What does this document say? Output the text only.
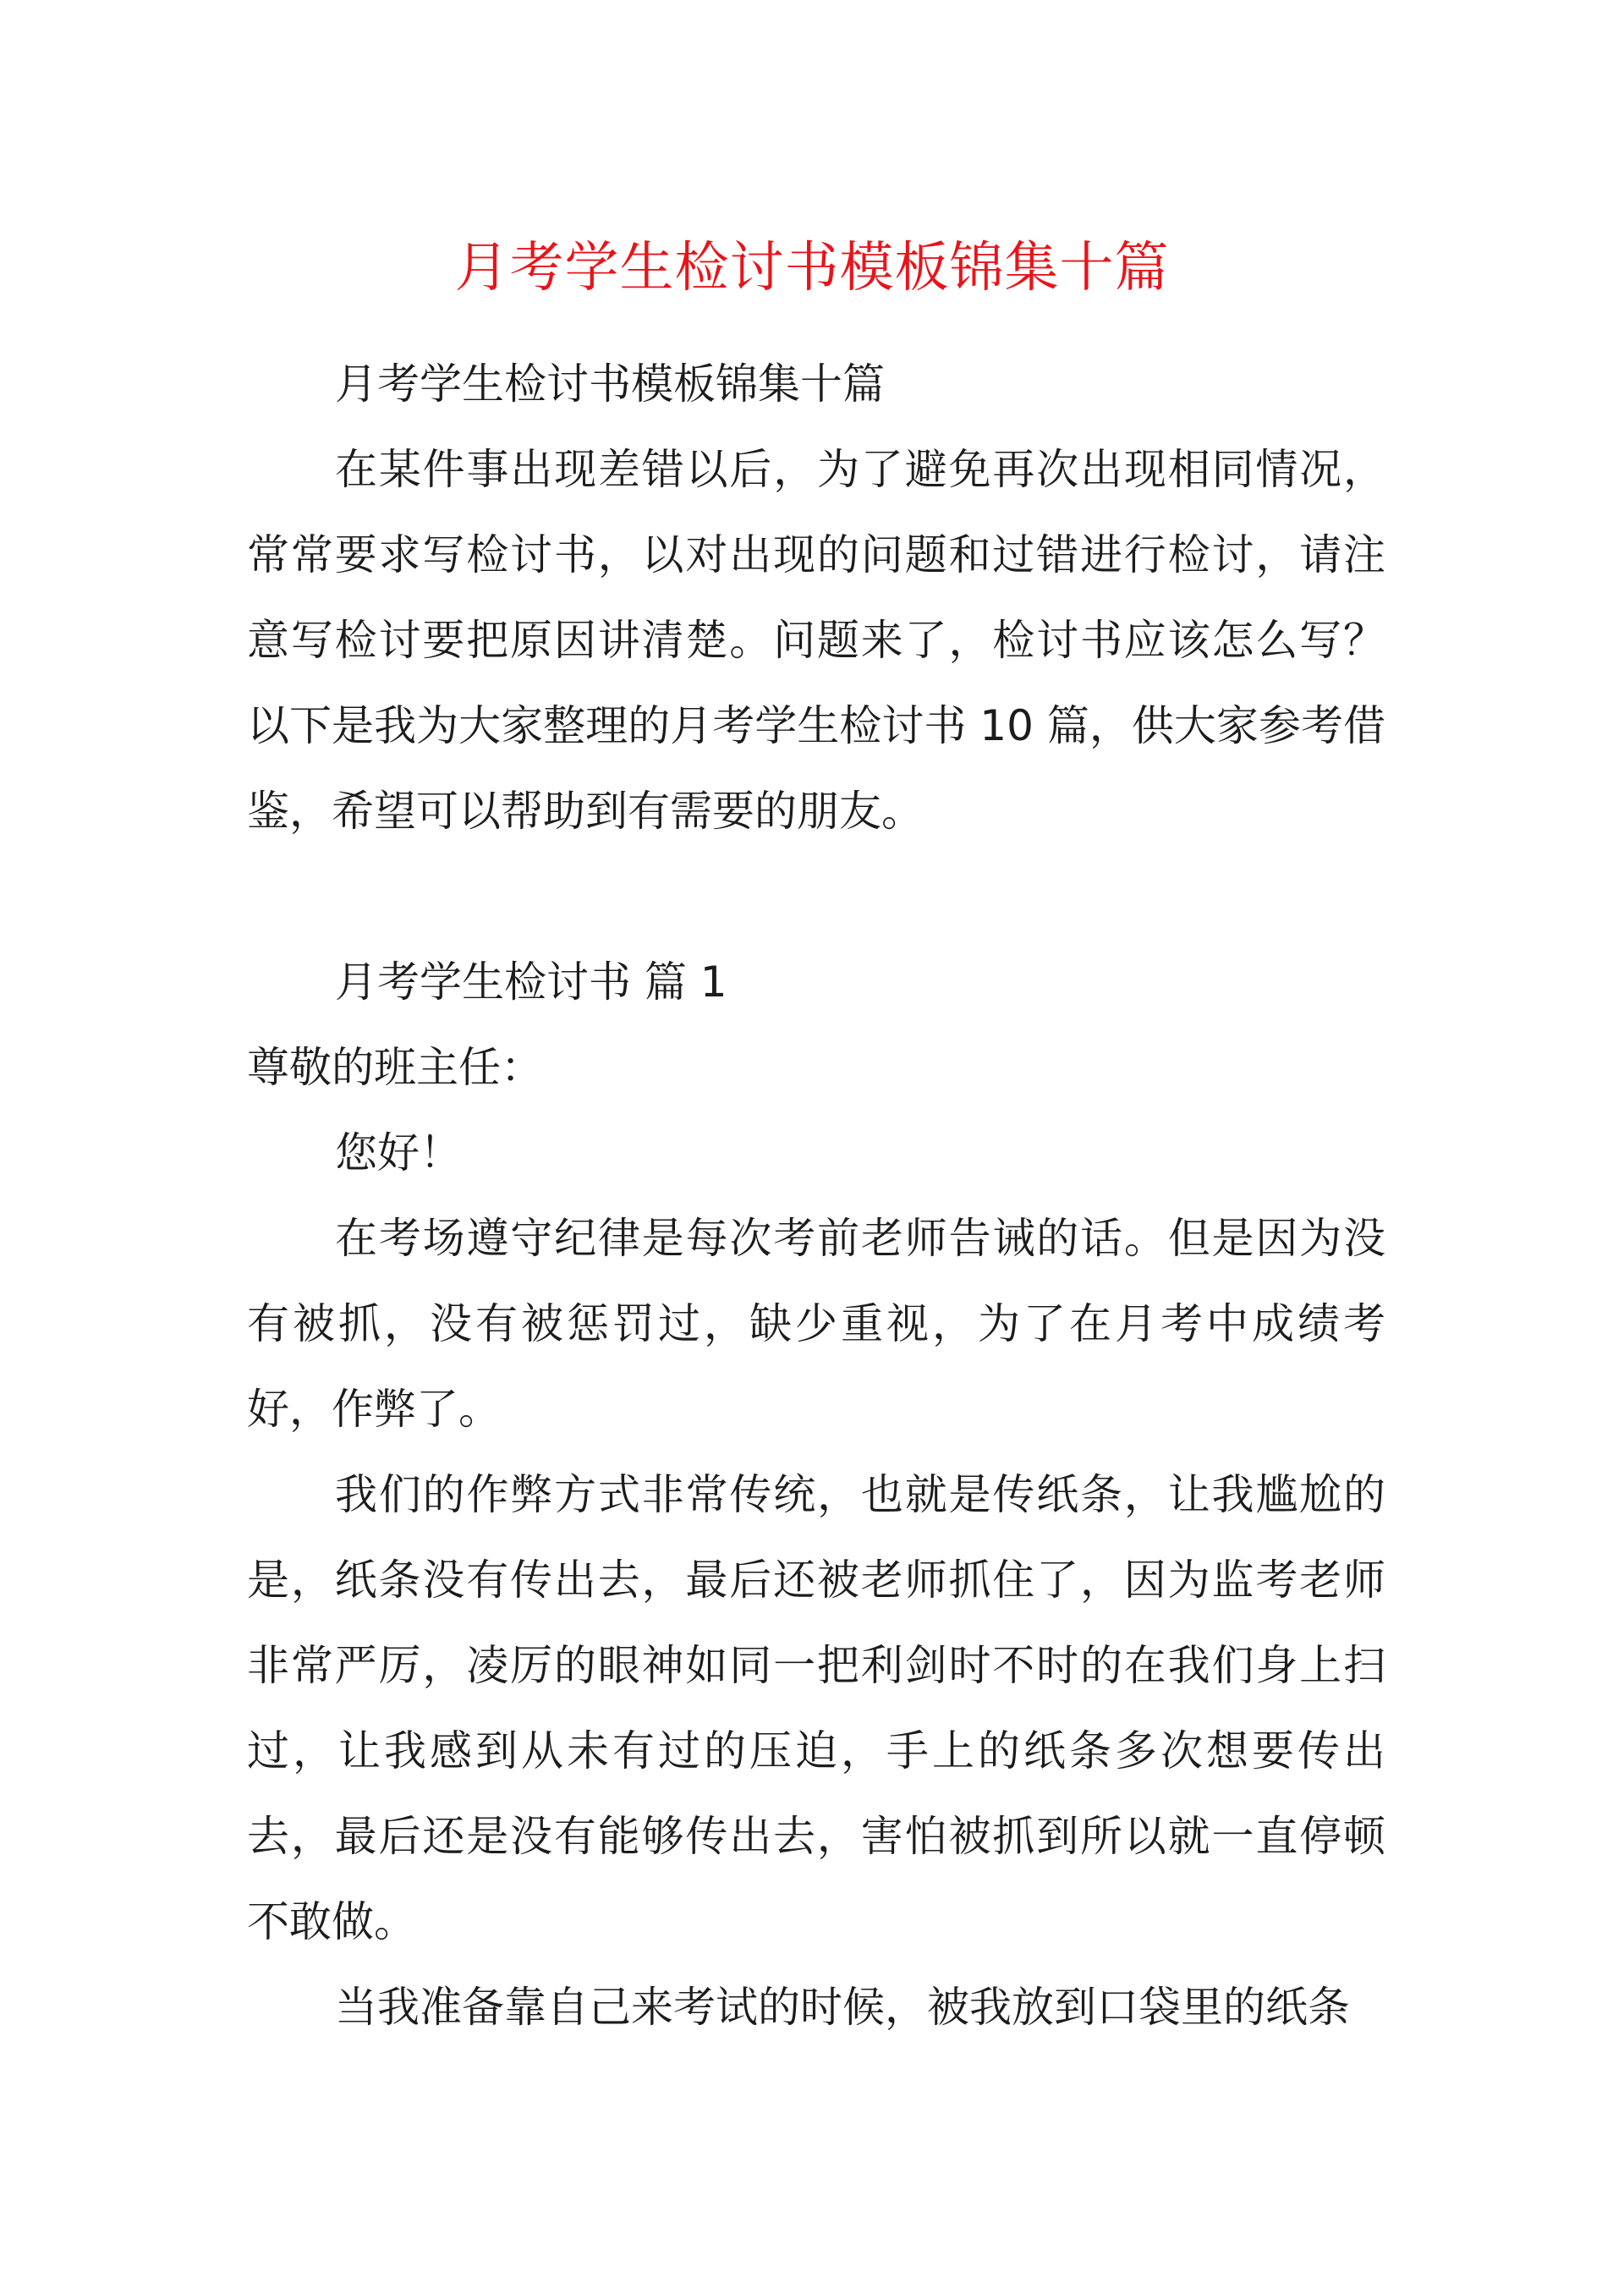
月考学生检讨书模板锦集十篇

月考学生检讨书模板锦集十篇

在某件事出现差错以后，为了避免再次出现相同情况，常常要求写检讨书，以对出现的问题和过错进行检讨，请注意写检讨要把原因讲清楚。问题来了，检讨书应该怎么写？以下是我为大家整理的月考学生检讨书 10 篇，供大家参考借鉴，希望可以帮助到有需要的朋友。

月考学生检讨书 篇 1

尊敬的班主任：

您好！

在考场遵守纪律是每次考前老师告诫的话。但是因为没有被抓，没有被惩罚过，缺少重视，为了在月考中成绩考好，作弊了。

我们的作弊方式非常传统，也就是传纸条，让我尴尬的是，纸条没有传出去，最后还被老师抓住了，因为监考老师非常严厉，凌厉的眼神如同一把利剑时不时的在我们身上扫过，让我感到从未有过的压迫，手上的纸条多次想要传出去，最后还是没有能够传出去，害怕被抓到所以就一直停顿不敢做。

当我准备靠自己来考试的时候，被我放到口袋里的纸条
